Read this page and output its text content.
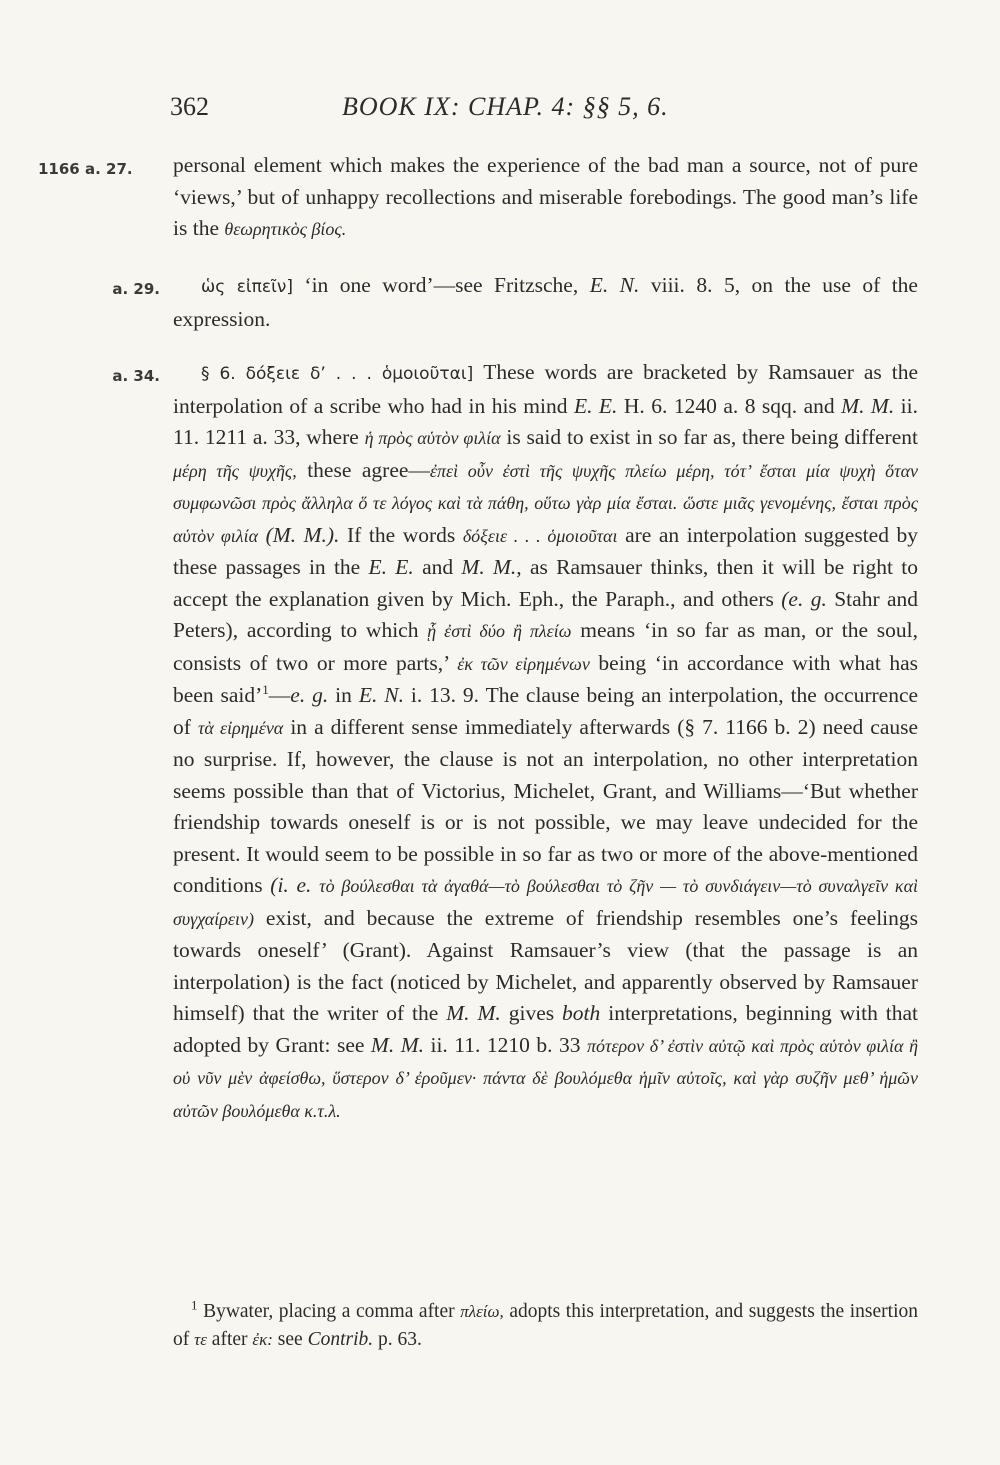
362	BOOK IX: CHAP. 4: §§ 5, 6.
1166 a. 27.	personal element which makes the experience of the bad man a source, not of pure ‘views,’ but of unhappy recollections and miserable forebodings. The good man’s life is the θεωρητικὸς βίος.
a. 29.	ὡς εἰπεῖν] ‘in one word’—see Fritzsche, E. N. viii. 8. 5, on the use of the expression.
a. 34.	§ 6. δόξειε δ’ . . . ὁμοιοῦται] These words are bracketed by Ramsauer as the interpolation of a scribe who had in his mind E. E. H. 6. 1240 a. 8 sqq. and M. M. ii. 11. 1211 a. 33, where ἡ πρὸς αὑτὸν φιλία is said to exist in so far as, there being different μέρη τῆς ψυχῆς, these agree—ἐπεὶ οὖν ἐστὶ τῆς ψυχῆς πλείω μέρη, τότ’ ἔσται μία ψυχὴ ὅταν συμφωνῶσι πρὸς ἄλληλα ὅ τε λόγος καὶ τὰ πάθη, οὕτω γὰρ μία ἔσται. ὥστε μιᾶς γενομένης, ἔσται πρὸς αὑτὸν φιλία (M. M.). If the words δόξειε . . . ὁμοιοῦται are an interpolation suggested by these passages in the E. E. and M. M., as Ramsauer thinks, then it will be right to accept the explanation given by Mich. Eph., the Paraph., and others (e. g. Stahr and Peters), according to which ᾗ ἐστὶ δύο ἢ πλείω means ‘in so far as man, or the soul, consists of two or more parts,’ ἐκ τῶν εἰρημένων being ‘in accordance with what has been said’$^1$—e. g. in E. N. i. 13. 9. The clause being an interpolation, the occurrence of τὰ εἰρημένα in a different sense immediately afterwards (§ 7. 1166 b. 2) need cause no surprise. If, however, the clause is not an interpolation, no other interpretation seems possible than that of Victorius, Michelet, Grant, and Williams—‘But whether friendship towards oneself is or is not possible, we may leave undecided for the present. It would seem to be possible in so far as two or more of the above-mentioned conditions (i. e. τὸ βούλεσθαι τὰ ἀγαθά—τὸ βούλεσθαι τὸ ζῆν — τὸ συνδιάγειν—τὸ συναλγεῖν καὶ συγχαίρειν) exist, and because the extreme of friendship resembles one’s feelings towards oneself’ (Grant). Against Ramsauer’s view (that the passage is an interpolation) is the fact (noticed by Michelet, and apparently observed by Ramsauer himself) that the writer of the M. M. gives both interpretations, beginning with that adopted by Grant: see M. M. ii. 11. 1210 b. 33 πότερον δ’ ἐστὶν αὐτῷ καὶ πρὸς αὑτὸν φιλία ἢ οὐ νῦν μὲν ἀφείσθω, ὕστερον δ’ ἐροῦμεν· πάντα δὲ βουλόμεθα ἡμῖν αὐτοῖς, καὶ γὰρ συζῆν μεθ’ ἡμῶν αὐτῶν βουλόμεθα κ.τ.λ.
$^1$ Bywater, placing a comma after πλείω, adopts this interpretation, and suggests the insertion of τε after ἐκ: see Contrib. p. 63.
